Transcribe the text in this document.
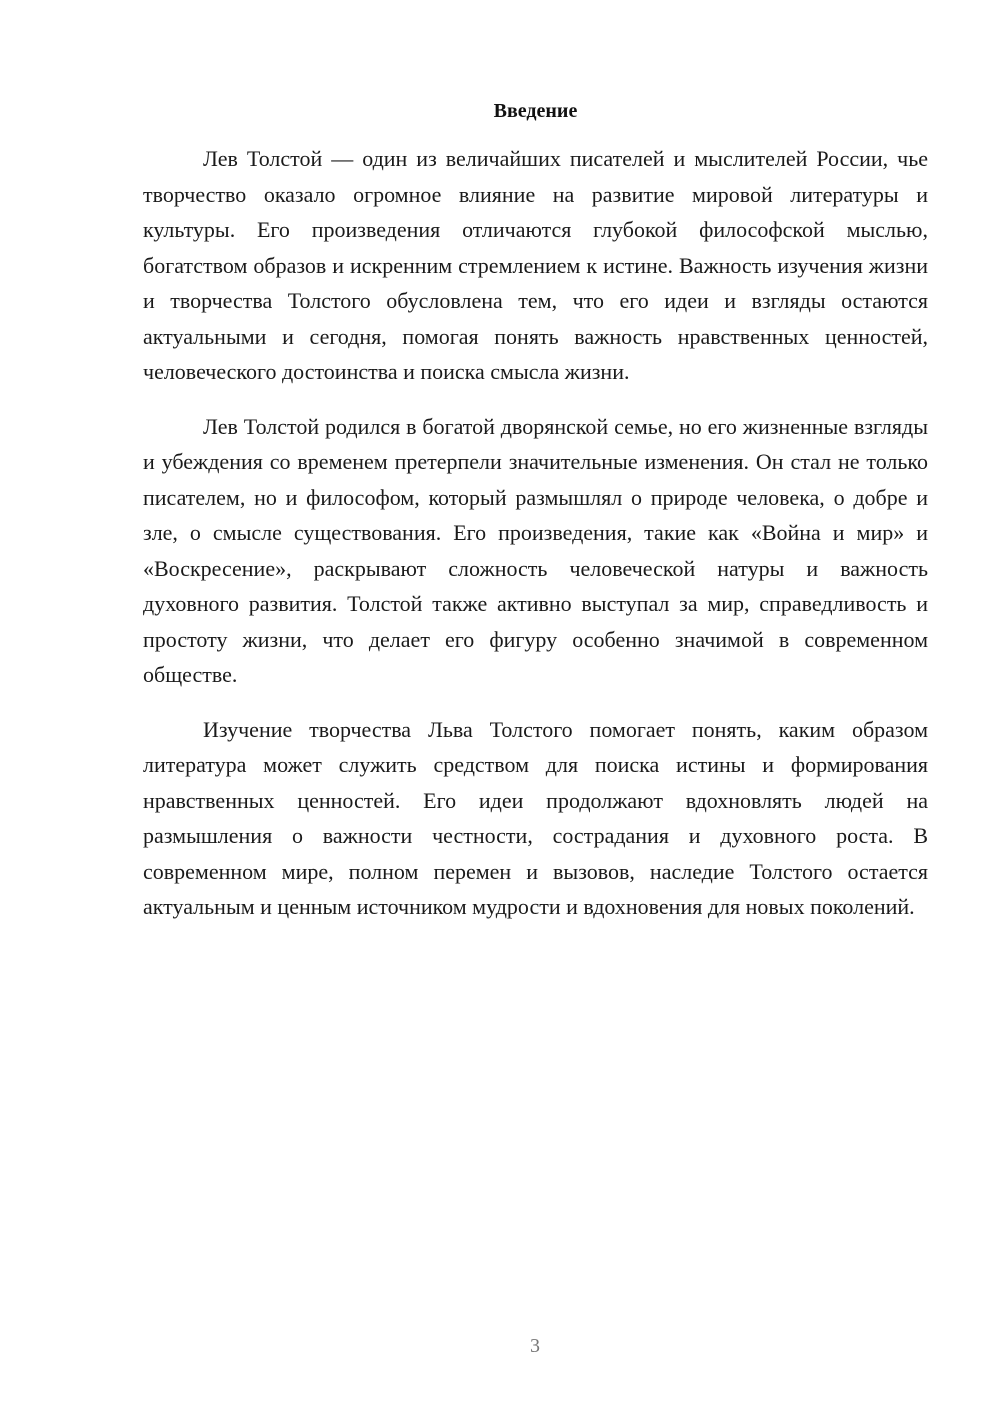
Введение

Лев Толстой — один из величайших писателей и мыслителей России, чье творчество оказало огромное влияние на развитие мировой литературы и культуры. Его произведения отличаются глубокой философской мыслью, богатством образов и искренним стремлением к истине. Важность изучения жизни и творчества Толстого обусловлена тем, что его идеи и взгляды остаются актуальными и сегодня, помогая понять важность нравственных ценностей, человеческого достоинства и поиска смысла жизни.

Лев Толстой родился в богатой дворянской семье, но его жизненные взгляды и убеждения со временем претерпели значительные изменения. Он стал не только писателем, но и философом, который размышлял о природе человека, о добре и зле, о смысле существования. Его произведения, такие как «Война и мир» и «Воскресение», раскрывают сложность человеческой натуры и важность духовного развития. Толстой также активно выступал за мир, справедливость и простоту жизни, что делает его фигуру особенно значимой в современном обществе.

Изучение творчества Льва Толстого помогает понять, каким образом литература может служить средством для поиска истины и формирования нравственных ценностей. Его идеи продолжают вдохновлять людей на размышления о важности честности, сострадания и духовного роста. В современном мире, полном перемен и вызовов, наследие Толстого остается актуальным и ценным источником мудрости и вдохновения для новых поколений.

3
